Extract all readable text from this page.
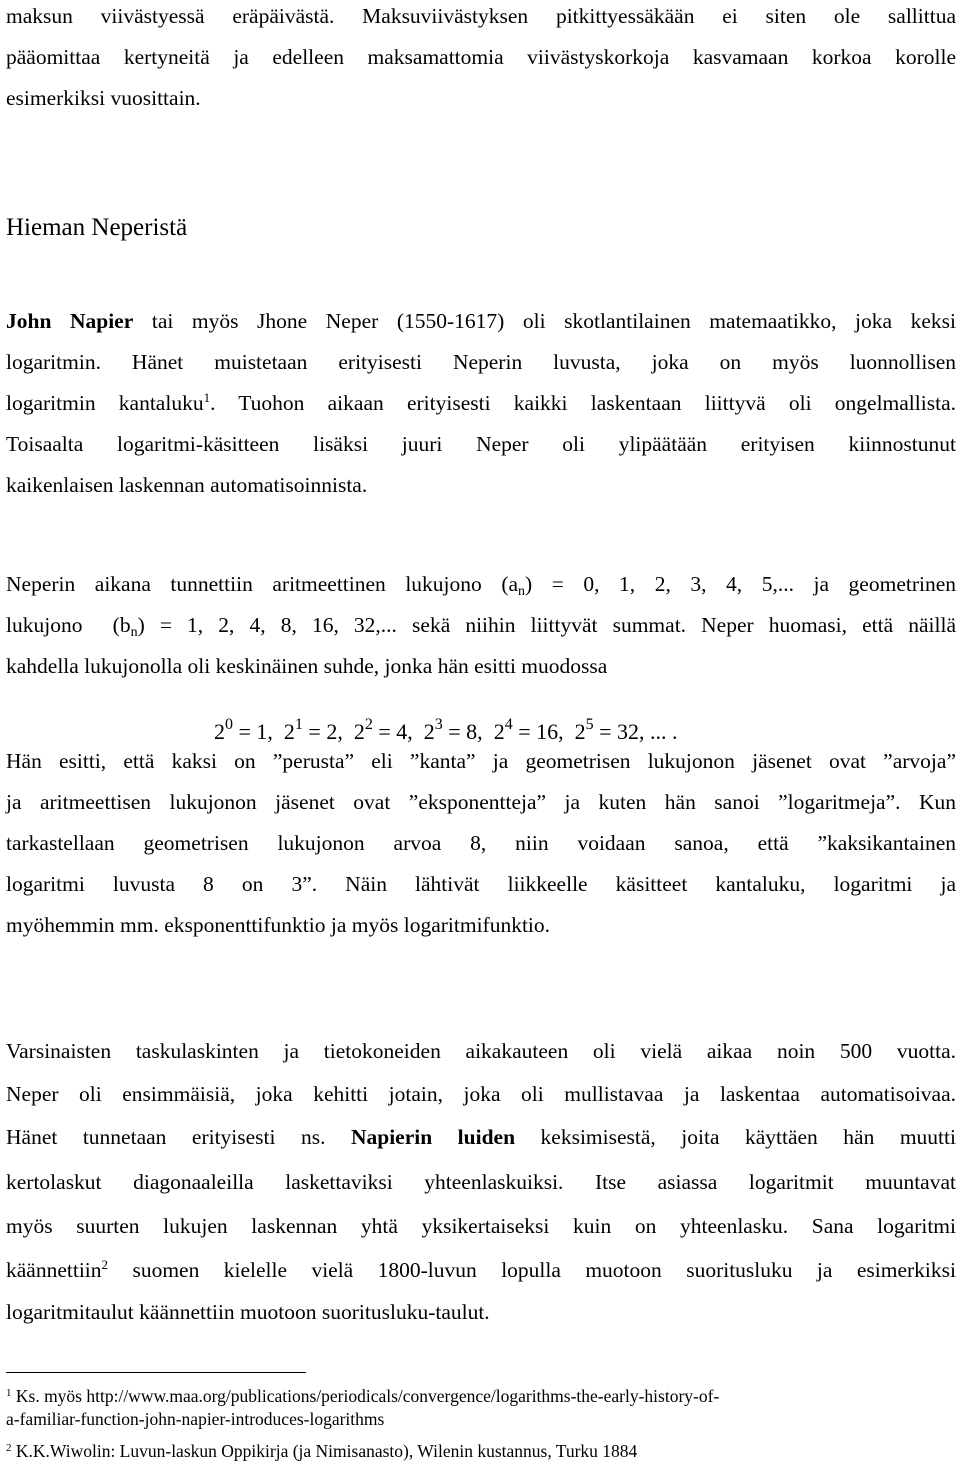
maksun viivästyessä eräpäivästä. Maksuviivästyksen pitkittyessäkään ei siten ole sallittua
pääomittaa kertyneitä ja edelleen maksamattomia viivästyskorkoja kasvamaan korkoa korolle
esimerkiksi vuosittain.
Hieman Neperistä
John Napier tai myös Jhone Neper (1550-1617) oli skotlantilainen matemaatikko, joka keksi
logaritmin. Hänet muistetaan erityisesti Neperin luvusta, joka on myös luonnollisen
logaritmin kantaluku$^1$. Tuohon aikaan erityisesti kaikki laskentaan liittyvä oli ongelmallista.
Toisaalta logaritmi-käsitteen lisäksi juuri Neper oli ylipäätään erityisen kiinnostunut
kaikenlaisen laskennan automatisoinnista.
Neperin aikana tunnettiin aritmeettinen lukujono $(a_n) = 0$, 1, 2, 3, 4, 5,... ja geometrinen
lukujono $(b_n) = 1$, 2, 4, 8, 16, 32,... sekä niihin liittyvät summat. Neper huomasi, että näillä
kahdella lukujonolla oli keskinäinen suhde, jonka hän esitti muodossa
$2^0 = 1$,  $2^1 = 2$,  $2^2 = 4$,  $2^3 = 8$,  $2^4 = 16$,  $2^5 = 32$, ... .
Hän esitti, että kaksi on ”perusta” eli ”kanta” ja geometrisen lukujonon jäsenet ovat ”arvoja”
ja aritmeettisen lukujonon jäsenet ovat ”eksponentteja” ja kuten hän sanoi ”logaritmeja”. Kun
tarkastellaan geometrisen lukujonon arvoa 8, niin voidaan sanoa, että ”kaksikantainen
logaritmi luvusta 8 on 3”. Näin lähtivät liikkeelle käsitteet kantaluku, logaritmi ja
myöhemmin mm. eksponenttifunktio ja myös logaritmifunktio.
Varsinaisten taskulaskinten ja tietokoneiden aikakauteen oli vielä aikaa noin 500 vuotta.
Neper oli ensimmäisiä, joka kehitti jotain, joka oli mullistavaa ja laskentaa automatisoivaa.
Hänet tunnetaan erityisesti ns. Napierin luiden keksimisestä, joita käyttäen hän muutti
kertolaskut diagonaaleilla laskettaviksi yhteenlaskuiksi. Itse asiassa logaritmit muuntavat
myös suurten lukujen laskennan yhtä yksikertaiseksi kuin on yhteenlasku. Sana logaritmi
käännettiin$^2$ suomen kielelle vielä 1800-luvun lopulla muotoon suoritusluku ja esimerkiksi
logaritmitaulut käännettiin muotoon suoritusluku-taulut.
$^1$ Ks. myös http://www.maa.org/publications/periodicals/convergence/logarithms-the-early-history-of-
a-familiar-function-john-napier-introduces-logarithms
$^2$ K.K.Wiwolin: Luvun-laskun Oppikirja (ja Nimisanasto), Wilenin kustannus, Turku 1884
